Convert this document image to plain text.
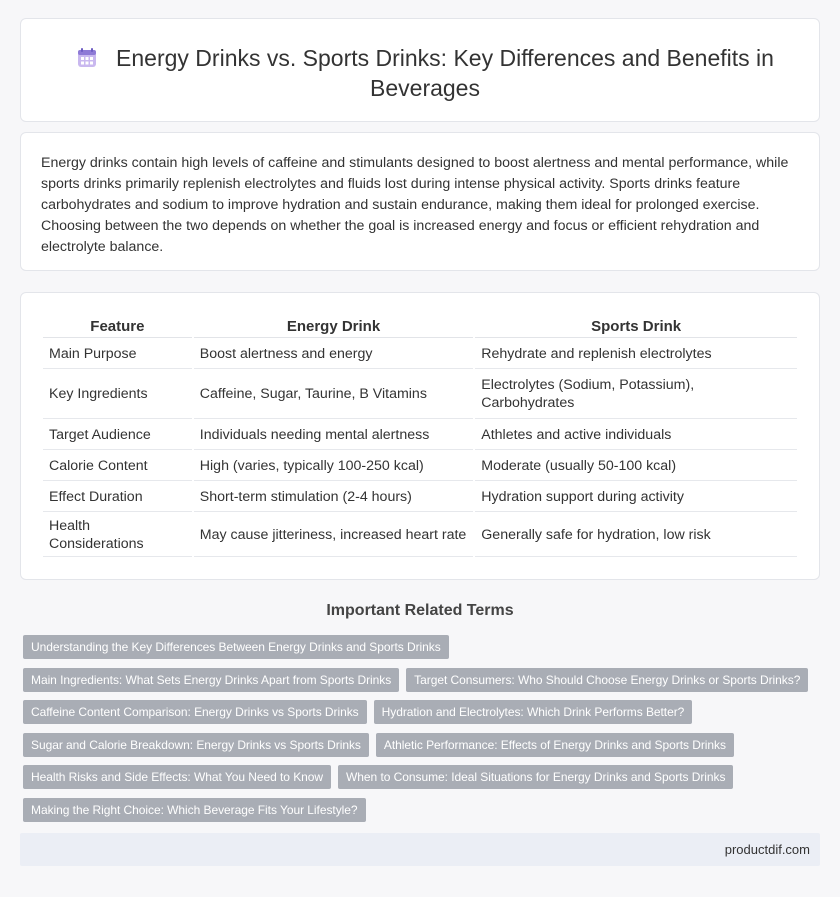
Energy Drinks vs. Sports Drinks: Key Differences and Benefits in Beverages

Energy drinks contain high levels of caffeine and stimulants designed to boost alertness and mental performance, while sports drinks primarily replenish electrolytes and fluids lost during intense physical activity. Sports drinks feature carbohydrates and sodium to improve hydration and sustain endurance, making them ideal for prolonged exercise. Choosing between the two depends on whether the goal is increased energy and focus or efficient rehydration and electrolyte balance.

Feature	Energy Drink	Sports Drink
Main Purpose	Boost alertness and energy	Rehydrate and replenish electrolytes
Key Ingredients	Caffeine, Sugar, Taurine, B Vitamins	Electrolytes (Sodium, Potassium), Carbohydrates
Target Audience	Individuals needing mental alertness	Athletes and active individuals
Calorie Content	High (varies, typically 100-250 kcal)	Moderate (usually 50-100 kcal)
Effect Duration	Short-term stimulation (2-4 hours)	Hydration support during activity
Health Considerations	May cause jitteriness, increased heart rate	Generally safe for hydration, low risk
Important Related Terms
Understanding the Key Differences Between Energy Drinks and Sports Drinks
Main Ingredients: What Sets Energy Drinks Apart from Sports Drinks Target Consumers: Who Should Choose Energy Drinks or Sports Drinks?
Caffeine Content Comparison: Energy Drinks vs Sports Drinks Hydration and Electrolytes: Which Drink Performs Better?
Sugar and Calorie Breakdown: Energy Drinks vs Sports Drinks Athletic Performance: Effects of Energy Drinks and Sports Drinks
Health Risks and Side Effects: What You Need to Know When to Consume: Ideal Situations for Energy Drinks and Sports Drinks
Making the Right Choice: Which Beverage Fits Your Lifestyle?
productdif.com
